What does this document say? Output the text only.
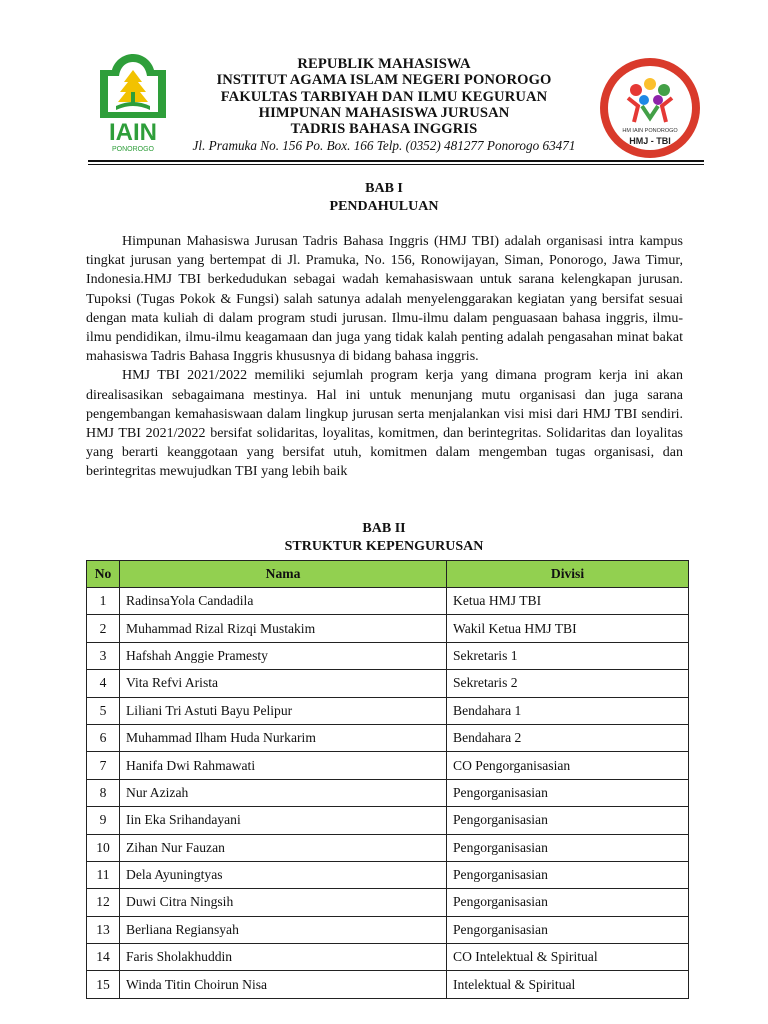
IAIN
PONOROGO
REPUBLIK MAHASISWA
INSTITUT AGAMA ISLAM NEGERI PONOROGO
FAKULTAS TARBIYAH DAN ILMU KEGURUAN
HIMPUNAN MAHASISWA JURUSAN
TADRIS BAHASA INGGRIS
Jl. Pramuka No. 156 Po. Box. 166 Telp. (0352) 481277 Ponorogo 63471
HM IAIN PONOROGO
HMJ - TBI
BAB I
PENDAHULUAN

Himpunan Mahasiswa Jurusan Tadris Bahasa Inggris (HMJ TBI) adalah organisasi intra kampus tingkat jurusan yang bertempat di Jl. Pramuka, No. 156, Ronowijayan, Siman, Ponorogo, Jawa Timur, Indonesia.HMJ TBI berkedudukan sebagai wadah kemahasiswaan untuk sarana kelengkapan jurusan. Tupoksi (Tugas Pokok & Fungsi) salah satunya adalah menyelenggarakan kegiatan yang bersifat sesuai dengan mata kuliah di dalam program studi jurusan. Ilmu-ilmu dalam penguasaan bahasa inggris, ilmu-ilmu pendidikan, ilmu-ilmu keagamaan dan juga yang tidak kalah penting adalah pengasahan minat bakat mahasiswa Tadris Bahasa Inggris khususnya di bidang bahasa inggris.

HMJ TBI 2021/2022 memiliki sejumlah program kerja yang dimana program kerja ini akan direalisasikan sebagaimana mestinya. Hal ini untuk menunjang mutu organisasi dan juga sarana pengembangan kemahasiswaan dalam lingkup jurusan serta menjalankan visi misi dari HMJ TBI sendiri. HMJ TBI 2021/2022 bersifat solidaritas, loyalitas, komitmen, dan berintegritas. Solidaritas dan loyalitas yang berarti keanggotaan yang bersifat utuh, komitmen dalam mengemban tugas organisasi, dan berintegritas mewujudkan TBI yang lebih baik

BAB II
STRUKTUR KEPENGURUSAN
No	Nama	Divisi
1	RadinsaYola Candadila	Ketua HMJ TBI
2	Muhammad Rizal Rizqi Mustakim	Wakil Ketua HMJ TBI
3	Hafshah Anggie Pramesty	Sekretaris 1
4	Vita Refvi Arista	Sekretaris 2
5	Liliani Tri Astuti Bayu Pelipur	Bendahara 1
6	Muhammad Ilham Huda Nurkarim	Bendahara 2
7	Hanifa Dwi Rahmawati	CO Pengorganisasian
8	Nur Azizah	Pengorganisasian
9	Iin Eka Srihandayani	Pengorganisasian
10	Zihan Nur Fauzan	Pengorganisasian
11	Dela Ayuningtyas	Pengorganisasian
12	Duwi Citra Ningsih	Pengorganisasian
13	Berliana Regiansyah	Pengorganisasian
14	Faris Sholakhuddin	CO Intelektual & Spiritual
15	Winda Titin Choirun Nisa	Intelektual & Spiritual
